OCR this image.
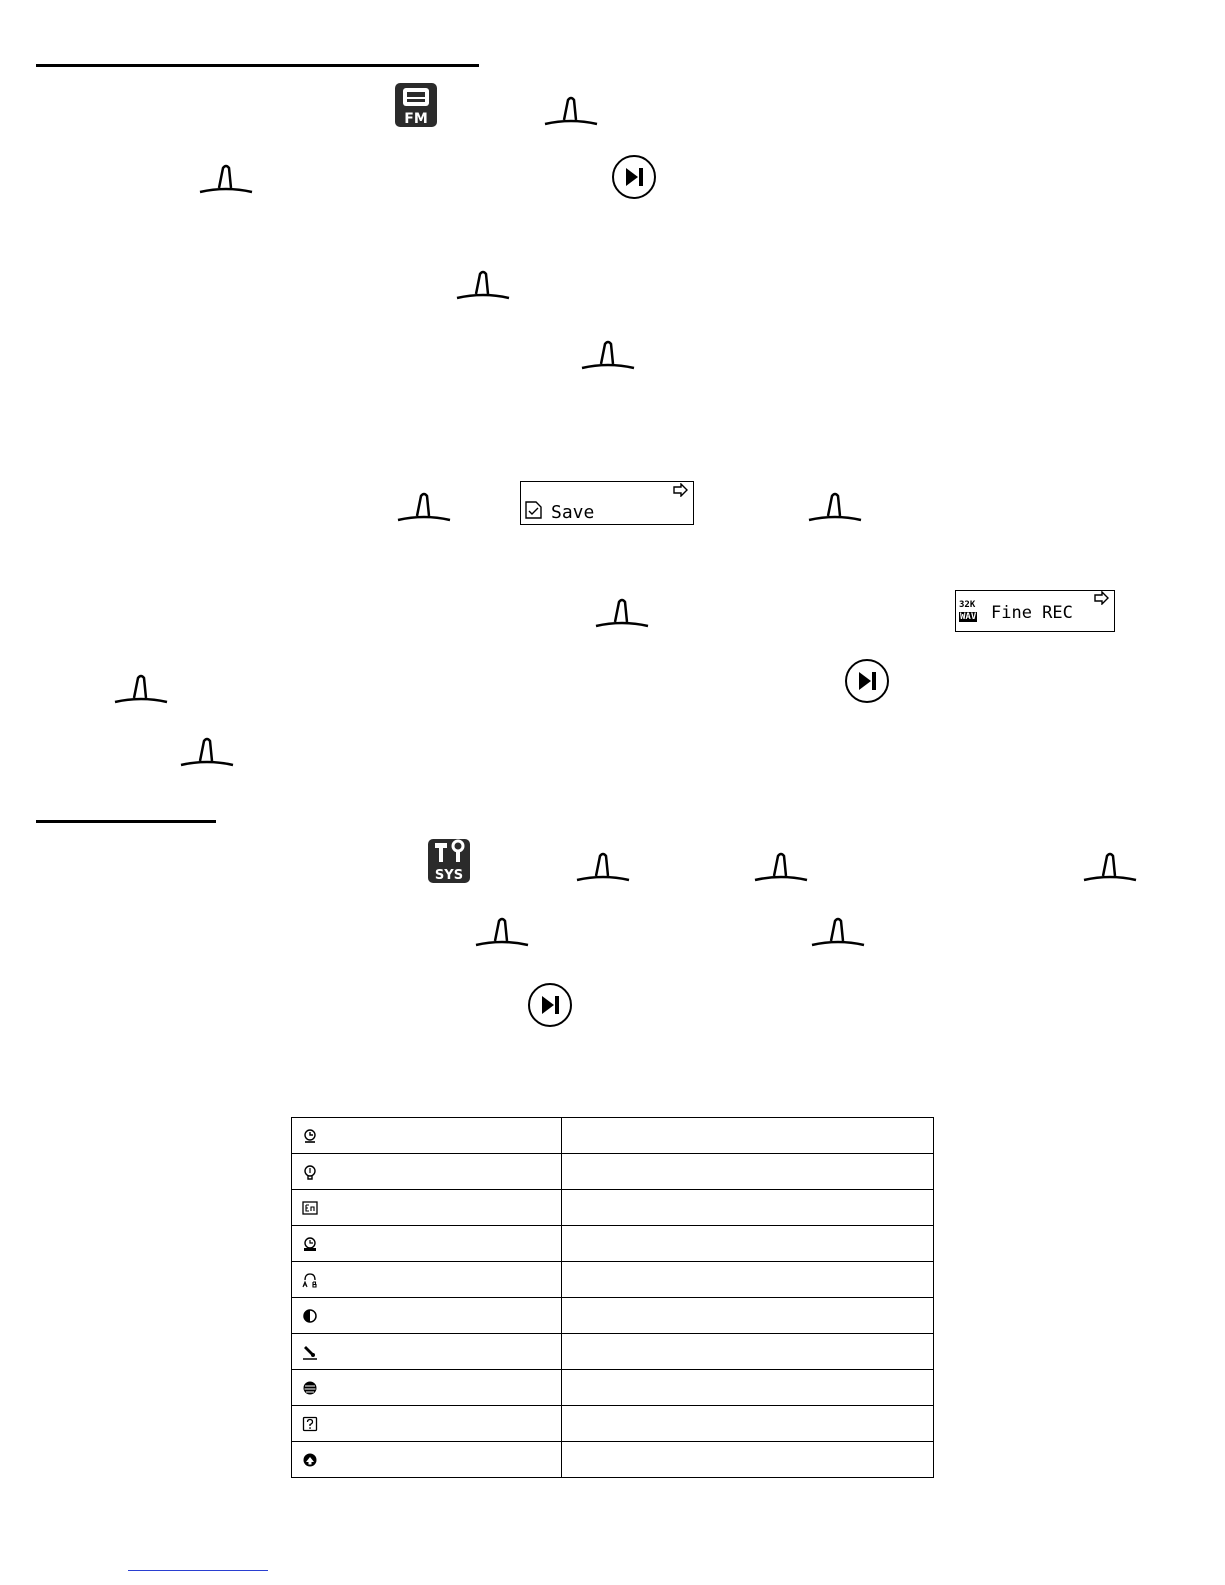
FM
SYS
Save
32K
WAV Fine REC
